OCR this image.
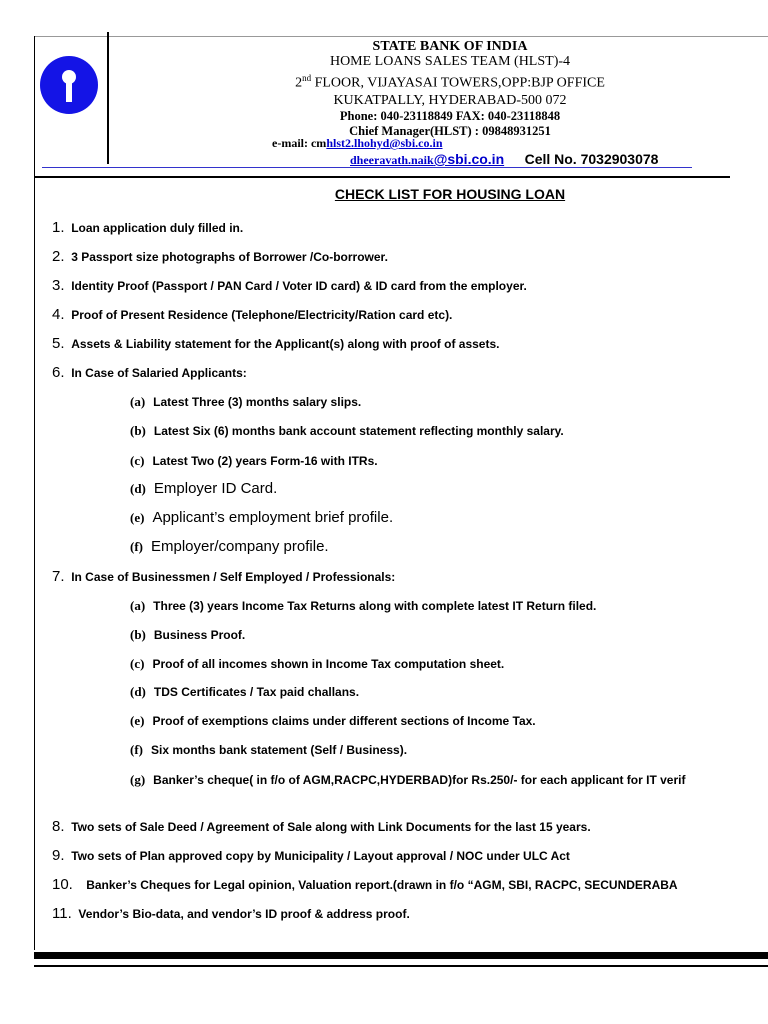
STATE BANK OF INDIA
HOME LOANS SALES TEAM (HLST)-4
2nd FLOOR, VIJAYASAI TOWERS,OPP:BJP OFFICE
KUKATPALLY, HYDERABAD-500 072
Phone: 040-23118849 FAX: 040-23118848
Chief Manager(HLST) : 09848931251
e-mail: cmhlst2.lhohyd@sbi.co.in
dheeravath.naik@sbi.co.in Cell No. 7032903078
CHECK LIST FOR HOUSING LOAN
1. Loan application duly filled in.
2. 3 Passport size photographs of Borrower /Co-borrower.
3. Identity Proof (Passport / PAN Card / Voter ID card) & ID card from the employer.
4. Proof of Present Residence (Telephone/Electricity/Ration card etc).
5. Assets & Liability statement for the Applicant(s) along with proof of assets.
6. In Case of Salaried Applicants:
(a) Latest Three (3) months salary slips.
(b) Latest Six (6) months bank account statement reflecting monthly salary.
(c) Latest Two (2) years Form-16 with ITRs.
(d) Employer ID Card.
(e) Applicant’s employment brief profile.
(f) Employer/company profile.
7. In Case of Businessmen / Self Employed / Professionals:
(a) Three (3) years Income Tax Returns along with complete latest IT Return filed.
(b) Business Proof.
(c) Proof of all incomes shown in Income Tax computation sheet.
(d) TDS Certificates / Tax paid challans.
(e) Proof of exemptions claims under different sections of Income Tax.
(f) Six months bank statement (Self / Business).
(g) Banker’s cheque( in f/o of AGM,RACPC,HYDERBAD)for Rs.250/- for each applicant for IT verif
8. Two sets of Sale Deed / Agreement of Sale along with Link Documents for the last 15 years.
9. Two sets of Plan approved copy by Municipality / Layout approval / NOC under ULC Act
10. Banker’s Cheques for Legal opinion, Valuation report.(drawn in f/o “AGM, SBI, RACPC, SECUNDERABA
11. Vendor’s Bio-data, and vendor’s ID proof & address proof.
